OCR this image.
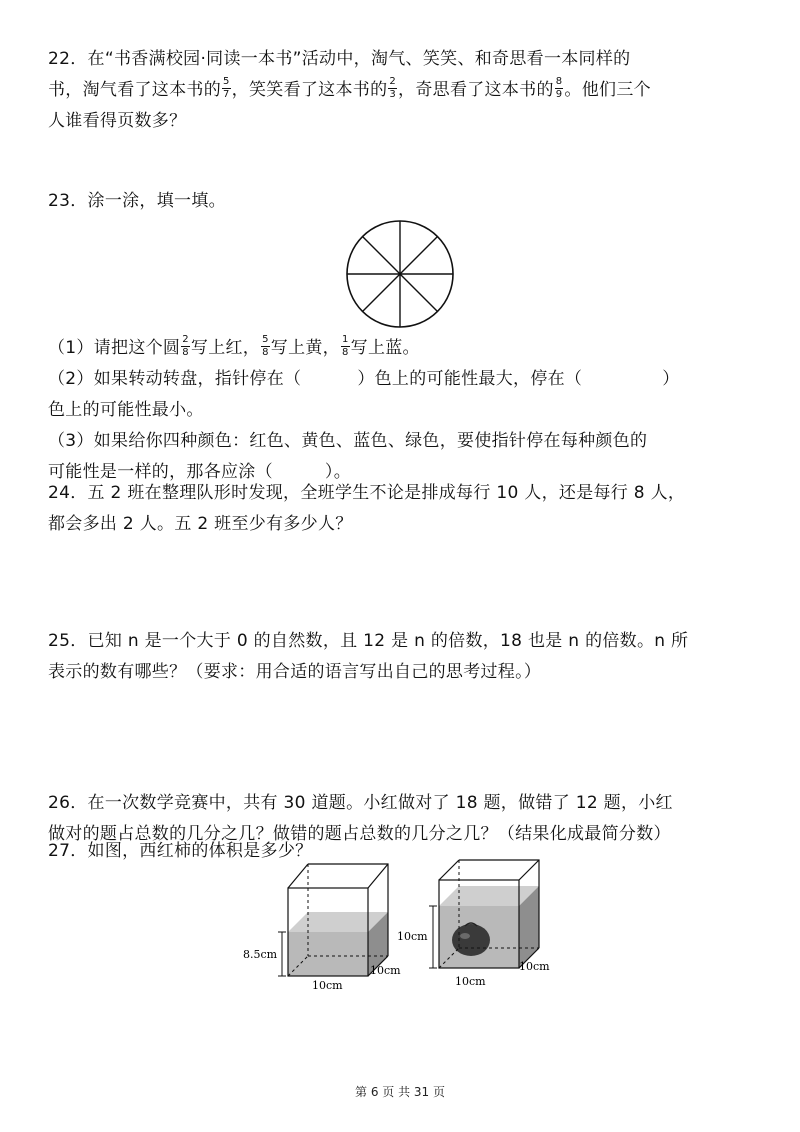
22．在“书香满校园·同读一本书”活动中，淘气、笑笑、和奇思看一本同样的
书，淘气看了这本书的 $\frac{5}{7}$ ，笑笑看了这本书的 $\frac{2}{3}$ ，奇思看了这本书的 $\frac{8}{9}$ 。他们三个
人谁看得页数多？
23．涂一涂，填一填。
（1）请把这个圆 $\frac{2}{8}$ 写上红， $\frac{5}{8}$ 写上黄， $\frac{1}{8}$ 写上蓝。
（2）如果转动转盘，指针停在（	）色上的可能性最大，停在（	）
色上的可能性最小。
（3）如果给你四种颜色：红色、黄色、蓝色、绿色，要使指针停在每种颜色的
可能性是一样的，那各应涂（	）。
24．五 2 班在整理队形时发现，全班学生不论是排成每行 10 人，还是每行 8 人，
都会多出 2 人。五 2 班至少有多少人？
25．已知 n 是一个大于 0 的自然数，且 12 是 n 的倍数，18 也是 n 的倍数。n 所
表示的数有哪些？（要求：用合适的语言写出自己的思考过程。）
26．在一次数学竞赛中，共有 30 道题。小红做对了 18 题，做错了 12 题，小红
做对的题占总数的几分之几？做错的题占总数的几分之几？（结果化成最简分数）
27．如图，西红柿的体积是多少？
8.5cm
10cm
10cm
10cm
10cm
10cm
第 6 页 共 31 页
